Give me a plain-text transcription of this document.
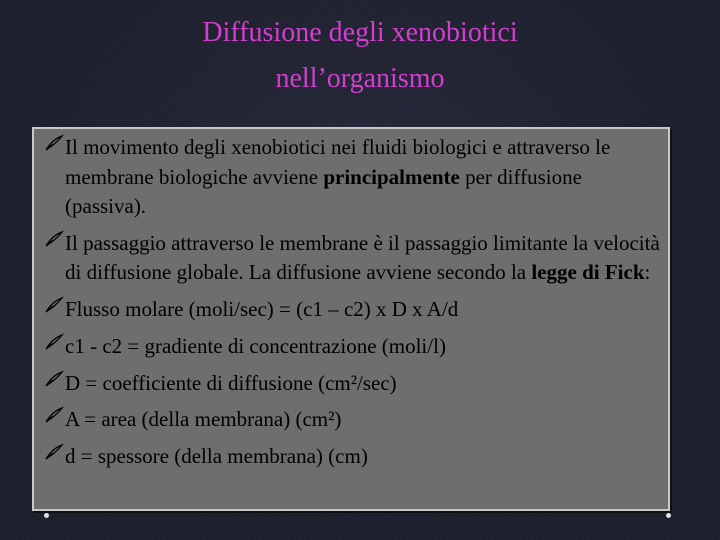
Diffusione degli xenobiotici
nell’organismo
Il movimento degli xenobiotici nei fluidi biologici e attraverso le membrane biologiche avviene principalmente per diffusione (passiva).
Il passaggio attraverso le membrane è il passaggio limitante la velocità di diffusione globale. La diffusione avviene secondo la legge di Fick:
Flusso molare (moli/sec) = (c1 – c2) x D x A/d
c1 - c2 = gradiente di concentrazione (moli/l)
D = coefficiente di diffusione (cm²/sec)
A = area (della membrana) (cm²)
d = spessore (della membrana) (cm)
